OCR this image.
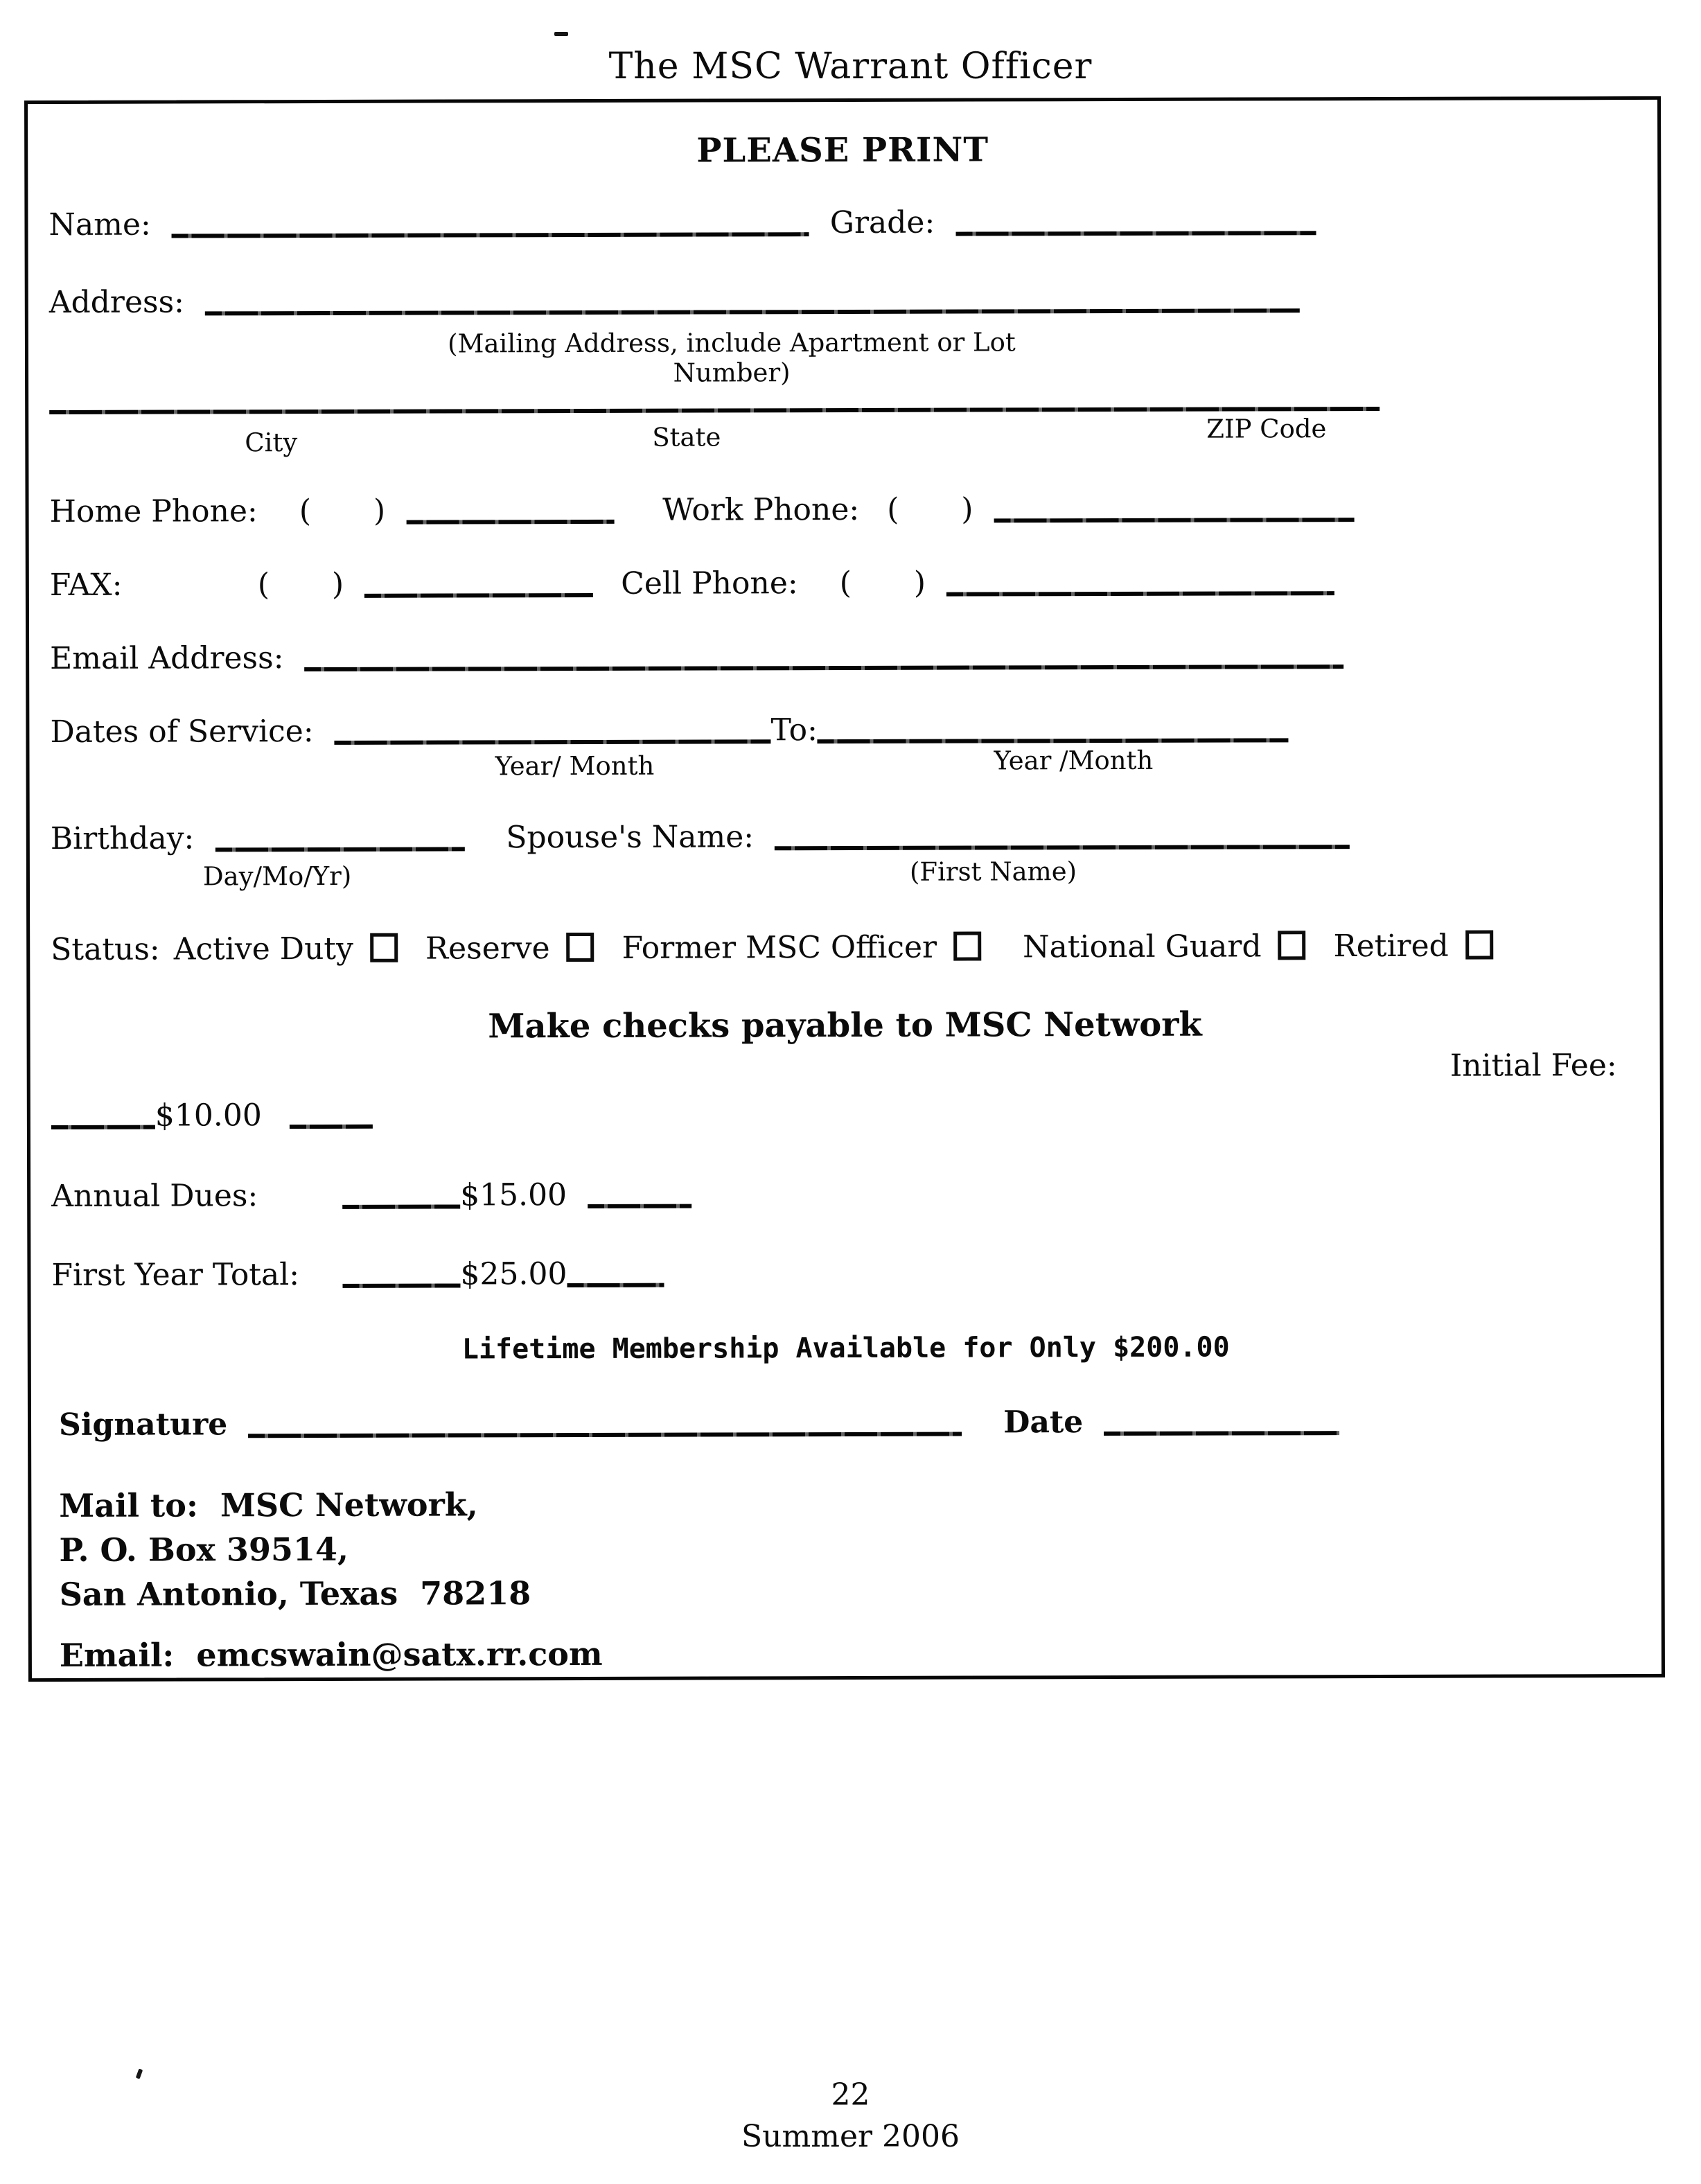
The MSC Warrant Officer
PLEASE PRINT
Name:	Grade:
Address:
(Mailing Address, include Apartment or Lot Number)
City	State	ZIP Code
Home Phone: ( )	Work Phone: ( )
FAX:	( )	Cell Phone: ( )
Email Address:
Dates of Service:	To:
Year/ Month	Year /Month
Birthday:	Spouse's Name:
Day/Mo/Yr)	(First Name)
Status: Active Duty Reserve Former MSC Officer	National Guard Retired
Make checks payable to MSC Network
Initial Fee:
$10.00
Annual Dues:	$15.00
First Year Total:	$25.00
Lifetime Membership Available for Only $200.00
Signature	Date
Mail to:  MSC Network,
P. O. Box 39514,
San Antonio, Texas  78218
Email:  emcswain@satx.rr.com
22
Summer 2006
